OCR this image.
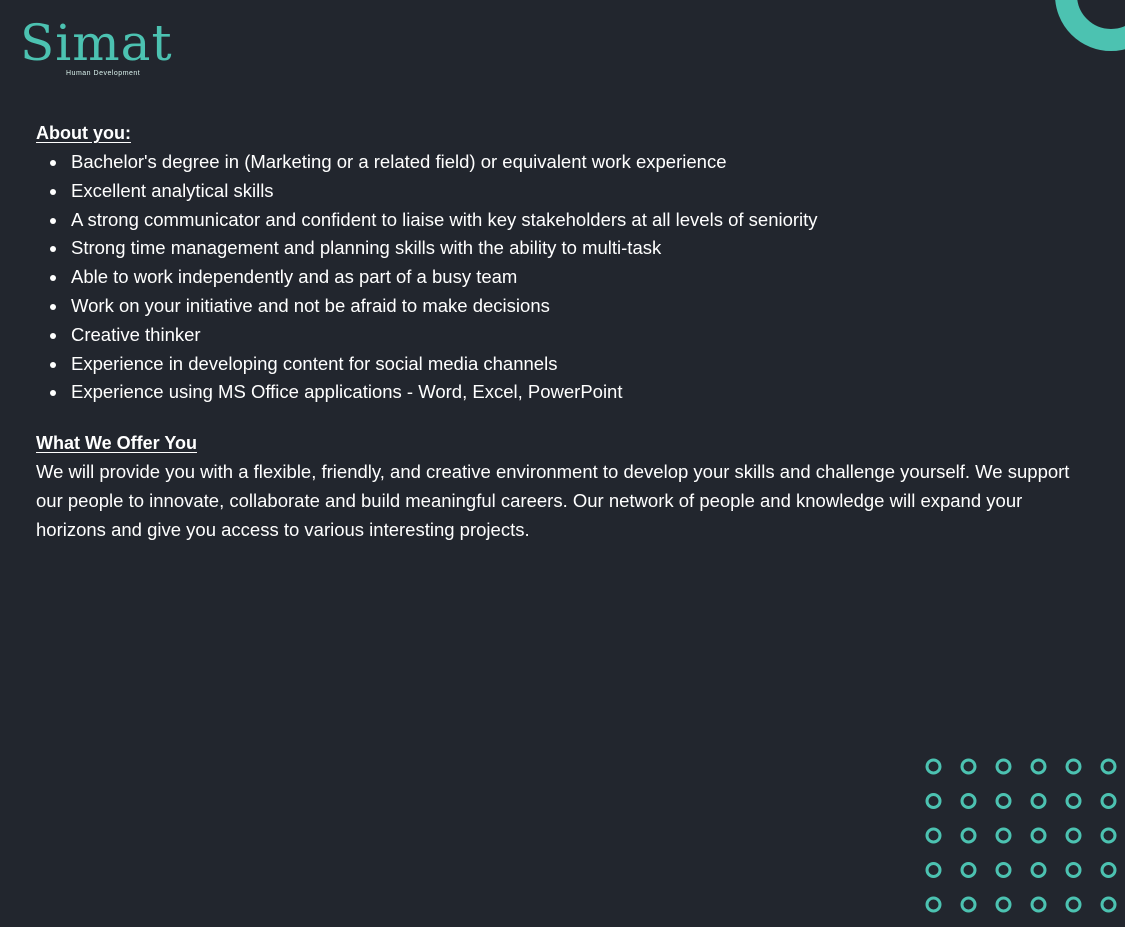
Simat
Human Development
About you:
Bachelor's degree in (Marketing or a related field) or equivalent work experience
Excellent analytical skills
A strong communicator and confident to liaise with key stakeholders at all levels of seniority
Strong time management and planning skills with the ability to multi-task
Able to work independently and as part of a busy team
Work on your initiative and not be afraid to make decisions
Creative thinker
Experience in developing content for social media channels
Experience using MS Office applications - Word, Excel, PowerPoint
What We Offer You

We will provide you with a flexible, friendly, and creative environment to develop your skills and challenge yourself. We support our people to innovate, collaborate and build meaningful careers. Our network of people and knowledge will expand your horizons and give you access to various interesting projects.
